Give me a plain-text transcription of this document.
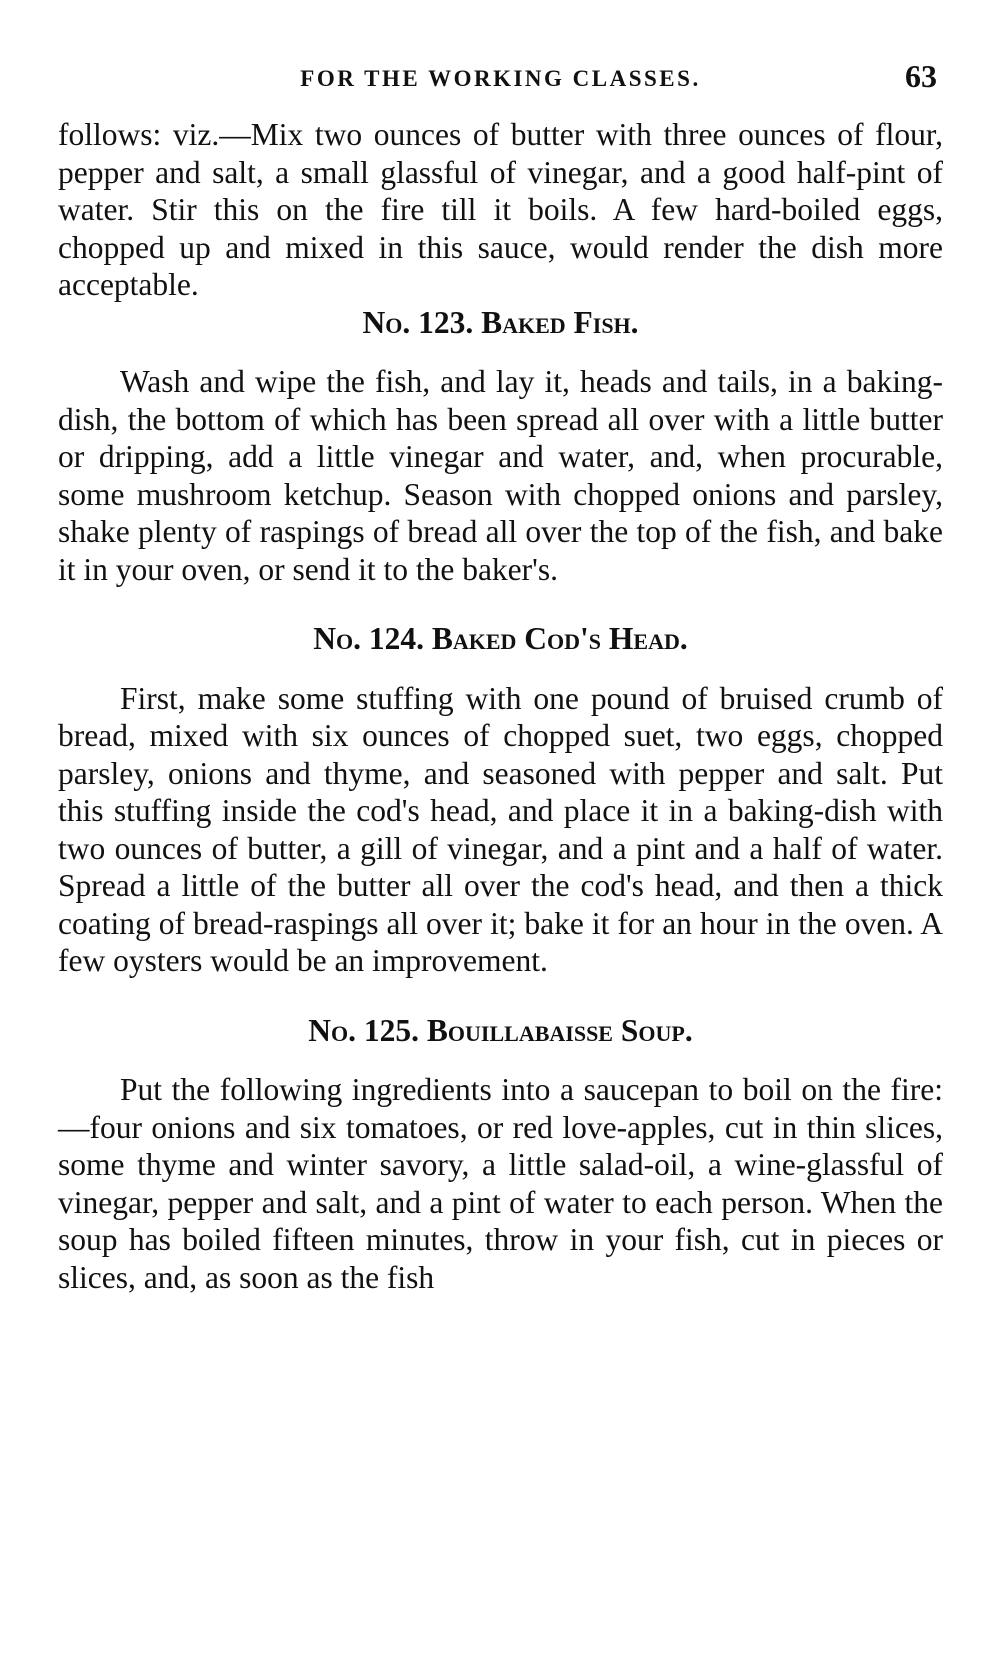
FOR THE WORKING CLASSES.	63

follows: viz.—Mix two ounces of butter with three ounces of flour, pepper and salt, a small glassful of vinegar, and a good half-pint of water. Stir this on the fire till it boils. A few hard-boiled eggs, chopped up and mixed in this sauce, would render the dish more acceptable.

No. 123. Baked Fish.

Wash and wipe the fish, and lay it, heads and tails, in a baking-dish, the bottom of which has been spread all over with a little butter or dripping, add a little vinegar and water, and, when procurable, some mushroom ketchup. Season with chopped onions and parsley, shake plenty of raspings of bread all over the top of the fish, and bake it in your oven, or send it to the baker's.

No. 124. Baked Cod's Head.

First, make some stuffing with one pound of bruised crumb of bread, mixed with six ounces of chopped suet, two eggs, chopped parsley, onions and thyme, and seasoned with pepper and salt. Put this stuffing inside the cod's head, and place it in a baking-dish with two ounces of butter, a gill of vinegar, and a pint and a half of water. Spread a little of the butter all over the cod's head, and then a thick coating of bread-raspings all over it; bake it for an hour in the oven. A few oysters would be an improvement.

No. 125. Bouillabaisse Soup.

Put the following ingredients into a saucepan to boil on the fire:—four onions and six tomatoes, or red love-apples, cut in thin slices, some thyme and winter savory, a little salad-oil, a wine-glassful of vinegar, pepper and salt, and a pint of water to each person. When the soup has boiled fifteen minutes, throw in your fish, cut in pieces or slices, and, as soon as the fish
